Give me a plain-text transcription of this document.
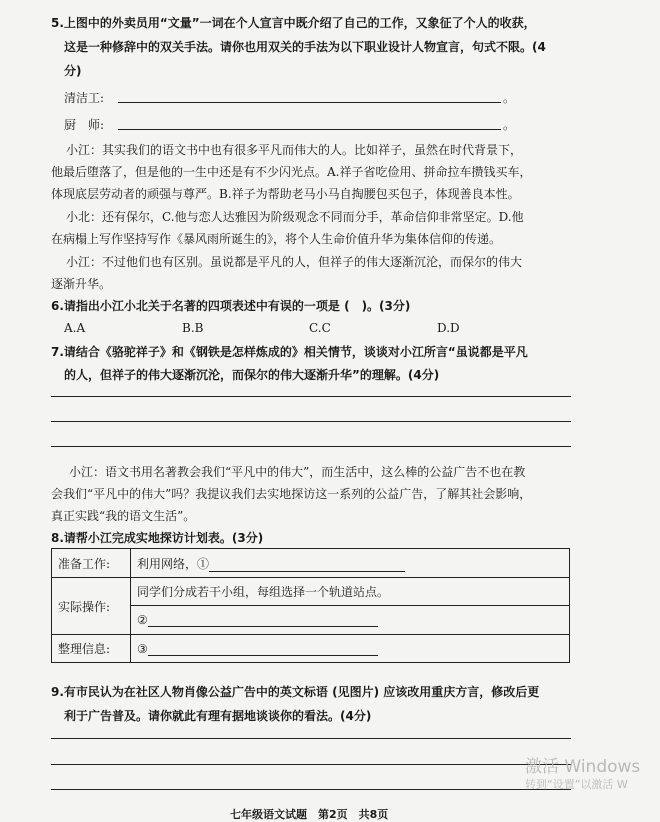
5.上图中的外卖员用“文量”一词在个人宣言中既介绍了自己的工作，又象征了个人的收获，
这是一种修辞中的双关手法。请你也用双关的手法为以下职业设计人物宣言，句式不限。(4
分)
清洁工:	。
厨　师:	。
小江：其实我们的语文书中也有很多平凡而伟大的人。比如祥子，虽然在时代背景下，
他最后堕落了，但是他的一生中还是有不少闪光点。A.祥子省吃俭用、拼命拉车攒钱买车，
体现底层劳动者的顽强与尊严。B.祥子为帮助老马小马自掏腰包买包子，体现善良本性。
小北：还有保尔，C.他与恋人达雅因为阶级观念不同而分手，革命信仰非常坚定。D.他
在病榻上写作坚持写作《暴风雨所诞生的》，将个人生命价值升华为集体信仰的传递。
小江：不过他们也有区别。虽说都是平凡的人，但祥子的伟大逐渐沉沦，而保尔的伟大
逐渐升华。
6.请指出小江小北关于名著的四项表述中有误的一项是 (　)。(3分)
A.A	B.B	C.C	D.D
7.请结合《骆驼祥子》和《钢铁是怎样炼成的》相关情节，谈谈对小江所言“虽说都是平凡
的人，但祥子的伟大逐渐沉沦，而保尔的伟大逐渐升华”的理解。(4分)
小江：语文书用名著教会我们“平凡中的伟大”，而生活中，这么棒的公益广告不也在教
会我们“平凡中的伟大”吗？我提议我们去实地探访这一系列的公益广告，了解其社会影响，
真正实践“我的语文生活”。
8.请帮小江完成实地探访计划表。(3分)
准备工作:	利用网络，①
实际操作:	同学们分成若干小组，每组选择一个轨道站点。
	②
整理信息:	③
9.有市民认为在社区人物肖像公益广告中的英文标语 (见图片) 应该改用重庆方言，修改后更
利于广告普及。请你就此有理有据地谈谈你的看法。(4分)
七年级语文试题　第2页　共8页
激活 Windows
转到“设置”以激活 W
